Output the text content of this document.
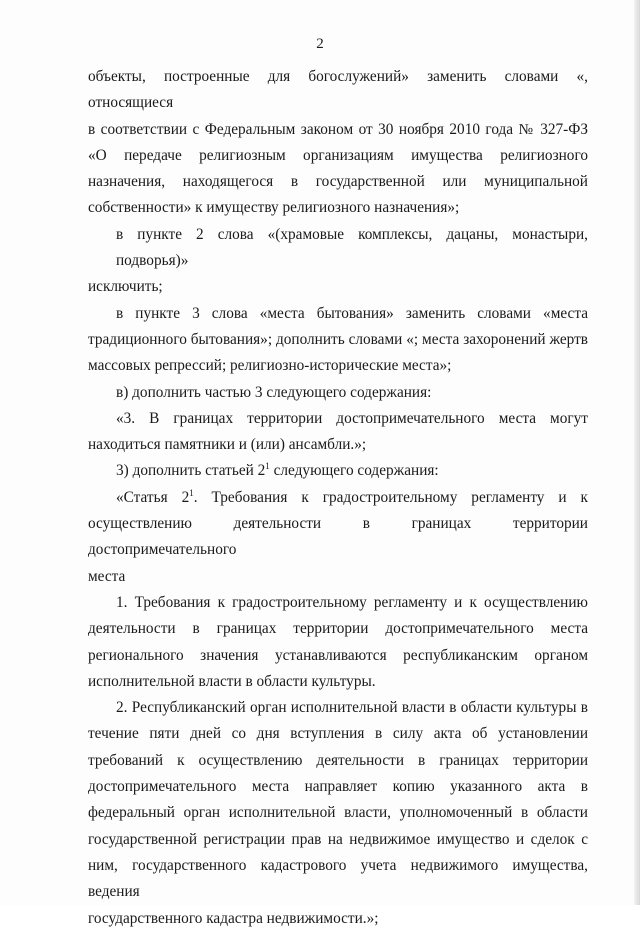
2

объекты, построенные для богослужений» заменить словами «, относящиеся
в соответствии с Федеральным законом от 30 ноября 2010 года № 327-ФЗ
«О передаче религиозным организациям имущества религиозного
назначения, находящегося в государственной или муниципальной
собственности» к имуществу религиозного назначения»;

в пункте 2 слова «(храмовые комплексы, дацаны, монастыри, подворья)»
исключить;

в пункте 3 слова «места бытования» заменить словами «места
традиционного бытования»; дополнить словами «; места захоронений жертв
массовых репрессий; религиозно-исторические места»;

в) дополнить частью 3 следующего содержания:

«3. В границах территории достопримечательного места могут
находиться памятники и (или) ансамбли.»;

3) дополнить статьей $2^1$ следующего содержания:

«Статья $2^1$. Требования к градостроительному регламенту и к
осуществлению деятельности в границах территории достопримечательного
места

1. Требования к градостроительному регламенту и к осуществлению
деятельности в границах территории достопримечательного места
регионального значения устанавливаются республиканским органом
исполнительной власти в области культуры.

2. Республиканский орган исполнительной власти в области культуры в
течение пяти дней со дня вступления в силу акта об установлении
требований к осуществлению деятельности в границах территории
достопримечательного места направляет копию указанного акта в
федеральный орган исполнительной власти, уполномоченный в области
государственной регистрации прав на недвижимое имущество и сделок с
ним, государственного кадастрового учета недвижимого имущества, ведения
государственного кадастра недвижимости.»;
